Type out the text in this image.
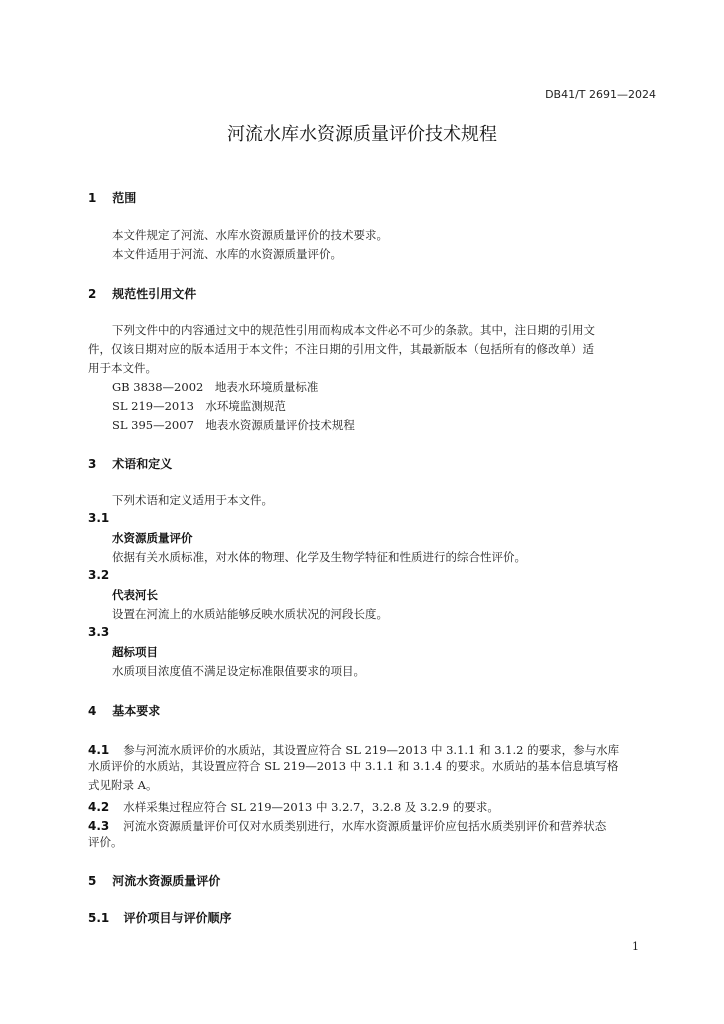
DB41/T 2691—2024
河流水库水资源质量评价技术规程
1 范围
本文件规定了河流、水库水资源质量评价的技术要求。
本文件适用于河流、水库的水资源质量评价。
2 规范性引用文件
下列文件中的内容通过文中的规范性引用而构成本文件必不可少的条款。其中，注日期的引用文
件，仅该日期对应的版本适用于本文件；不注日期的引用文件，其最新版本（包括所有的修改单）适
用于本文件。
GB 3838—2002　地表水环境质量标准
SL 219—2013　水环境监测规范
SL 395—2007　地表水资源质量评价技术规程
3 术语和定义
下列术语和定义适用于本文件。
3.1
水资源质量评价
依据有关水质标准，对水体的物理、化学及生物学特征和性质进行的综合性评价。
3.2
代表河长
设置在河流上的水质站能够反映水质状况的河段长度。
3.3
超标项目
水质项目浓度值不满足设定标准限值要求的项目。
4 基本要求
4.1 参与河流水质评价的水质站，其设置应符合 SL 219—2013 中 3.1.1 和 3.1.2 的要求，参与水库
水质评价的水质站，其设置应符合 SL 219—2013 中 3.1.1 和 3.1.4 的要求。水质站的基本信息填写格
式见附录 A。
4.2 水样采集过程应符合 SL 219—2013 中 3.2.7，3.2.8 及 3.2.9 的要求。
4.3 河流水资源质量评价可仅对水质类别进行，水库水资源质量评价应包括水质类别评价和营养状态
评价。
5 河流水资源质量评价
5.1 评价项目与评价顺序
1
